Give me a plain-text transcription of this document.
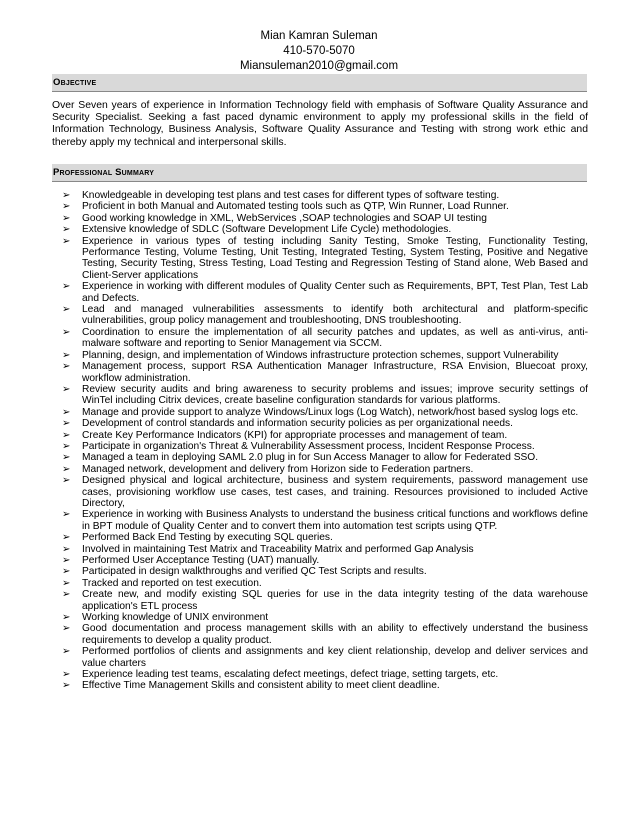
Mian Kamran Suleman
410-570-5070
Miansuleman2010@gmail.com
Objective
Over Seven years of experience in Information Technology field with emphasis of Software Quality Assurance and Security Specialist. Seeking a fast paced dynamic environment to apply my professional skills in the field of Information Technology, Business Analysis, Software Quality Assurance and Testing with strong work ethic and thereby apply my technical and interpersonal skills.
Professional Summary
➢ Knowledgeable in developing test plans and test cases for different types of software testing.
➢ Proficient in both Manual and Automated testing tools such as QTP, Win Runner, Load Runner.
➢ Good working knowledge in XML, WebServices ,SOAP technologies and SOAP UI testing
➢ Extensive knowledge of SDLC (Software Development Life Cycle) methodologies.
➢ Experience in various types of testing including Sanity Testing, Smoke Testing, Functionality Testing, Performance Testing, Volume Testing, Unit Testing, Integrated Testing, System Testing, Positive and Negative Testing, Security Testing, Stress Testing, Load Testing and Regression Testing of Stand alone, Web Based and Client-Server applications
➢ Experience in working with different modules of Quality Center such as Requirements, BPT, Test Plan, Test Lab and Defects.
➢ Lead and managed vulnerabilities assessments to identify both architectural and platform-specific vulnerabilities, group policy management and troubleshooting, DNS troubleshooting.
➢ Coordination to ensure the implementation of all security patches and updates, as well as anti-virus, anti-malware software and reporting to Senior Management via SCCM.
➢ Planning, design, and implementation of Windows infrastructure protection schemes, support Vulnerability
➢ Management process, support RSA Authentication Manager Infrastructure, RSA Envision, Bluecoat proxy, workflow administration.
➢ Review security audits and bring awareness to security problems and issues; improve security settings of WinTel including Citrix devices, create baseline configuration standards for various platforms.
➢ Manage and provide support to analyze Windows/Linux logs (Log Watch), network/host based syslog logs etc.
➢ Development of control standards and information security policies as per organizational needs.
➢ Create Key Performance Indicators (KPI) for appropriate processes and management of team.
➢ Participate in organization's Threat & Vulnerability Assessment process, Incident Response Process.
➢ Managed a team in deploying SAML 2.0 plug in for Sun Access Manager to allow for Federated SSO.
➢ Managed network, development and delivery from Horizon side to Federation partners.
➢ Designed physical and logical architecture, business and system requirements, password management use cases, provisioning workflow use cases, test cases, and training. Resources provisioned to included Active Directory,
➢ Experience in working with Business Analysts to understand the business critical functions and workflows define in BPT module of Quality Center and to convert them into automation test scripts using QTP.
➢ Performed Back End Testing by executing SQL queries.
➢ Involved in maintaining Test Matrix and Traceability Matrix and performed Gap Analysis
➢ Performed User Acceptance Testing (UAT) manually.
➢ Participated in design walkthroughs and verified QC Test Scripts and results.
➢ Tracked and reported on test execution.
➢ Create new, and modify existing SQL queries for use in the data integrity testing of the data warehouse application's ETL process
➢ Working knowledge of UNIX environment
➢ Good documentation and process management skills with an ability to effectively understand the business requirements to develop a quality product.
➢ Performed portfolios of clients and assignments and key client relationship, develop and deliver services and value charters
➢ Experience leading test teams, escalating defect meetings, defect triage, setting targets, etc.
➢ Effective Time Management Skills and consistent ability to meet client deadline.
